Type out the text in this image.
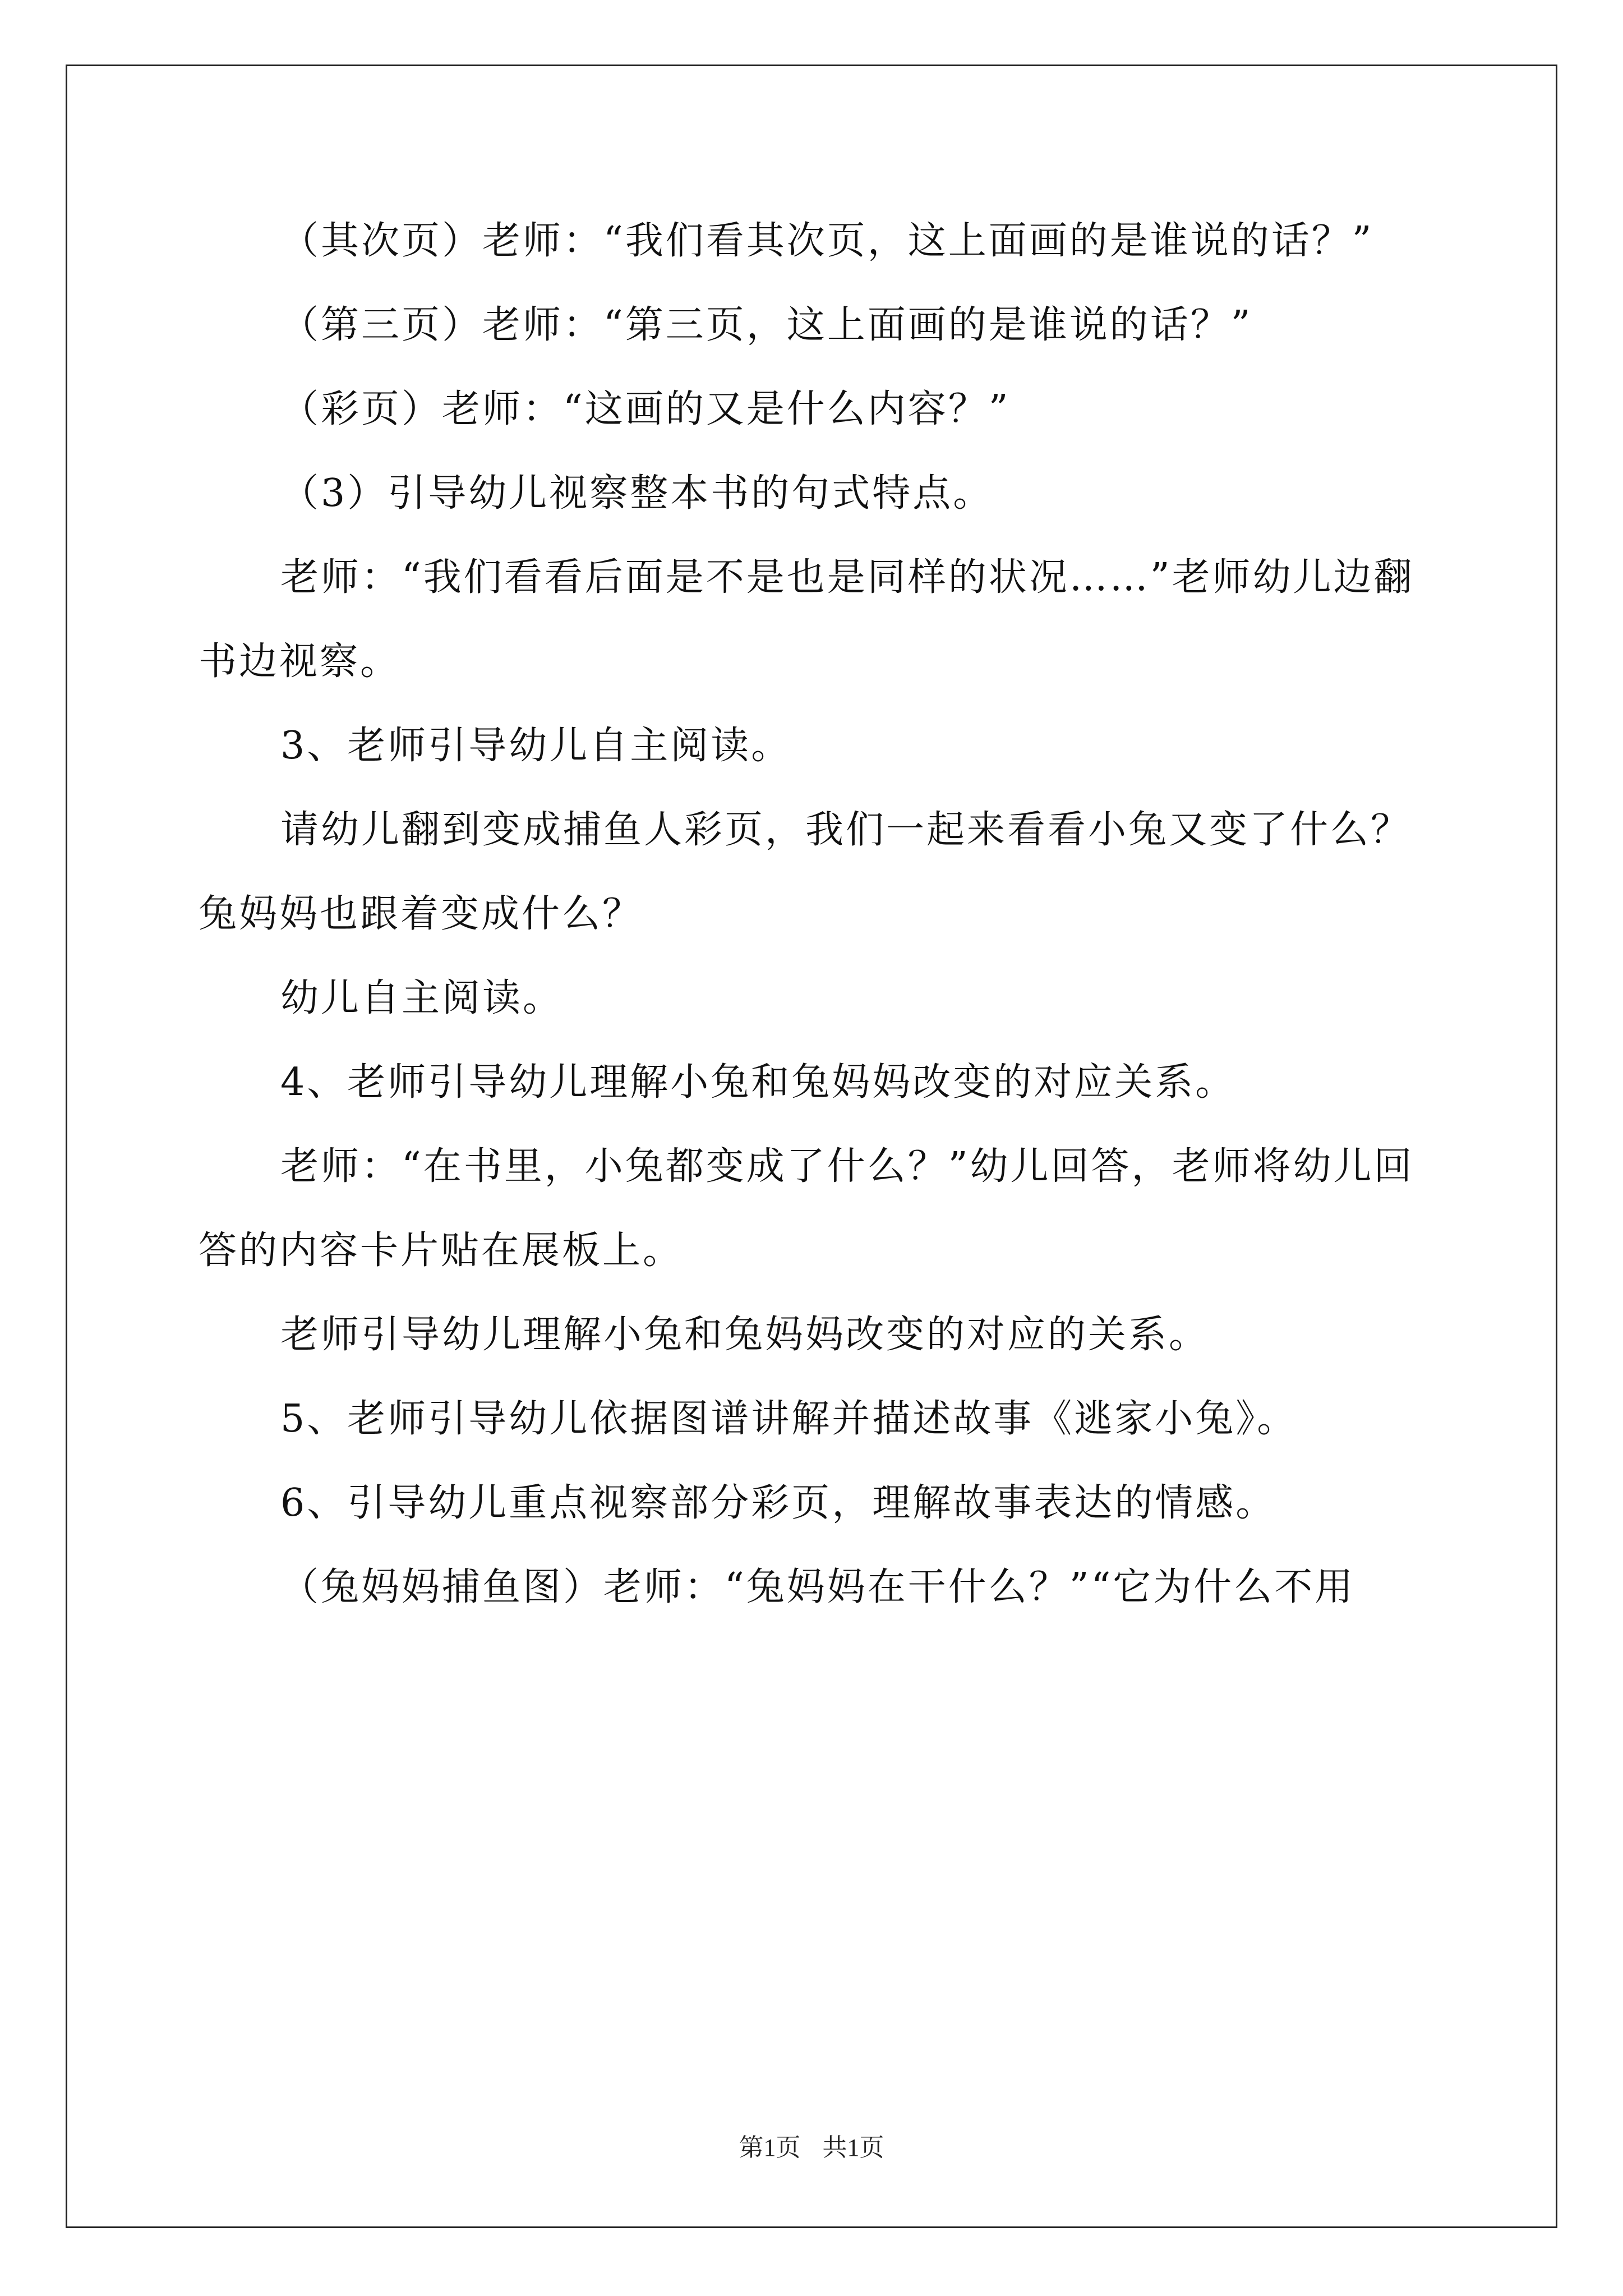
（其次页）老师：“我们看其次页，这上面画的是谁说的话？”

（第三页）老师：“第三页，这上面画的是谁说的话？”

（彩页）老师：“这画的又是什么内容？”

（3）引导幼儿视察整本书的句式特点。

老师：“我们看看后面是不是也是同样的状况……”老师幼儿边翻书边视察。

3、老师引导幼儿自主阅读。

请幼儿翻到变成捕鱼人彩页，我们一起来看看小兔又变了什么？兔妈妈也跟着变成什么？

幼儿自主阅读。

4、老师引导幼儿理解小兔和兔妈妈改变的对应关系。

老师：“在书里，小兔都变成了什么？”幼儿回答，老师将幼儿回答的内容卡片贴在展板上。

老师引导幼儿理解小兔和兔妈妈改变的对应的关系。

5、老师引导幼儿依据图谱讲解并描述故事《逃家小兔》。

6、引导幼儿重点视察部分彩页，理解故事表达的情感。

（兔妈妈捕鱼图）老师：“兔妈妈在干什么？”“它为什么不用

第1页 共1页
